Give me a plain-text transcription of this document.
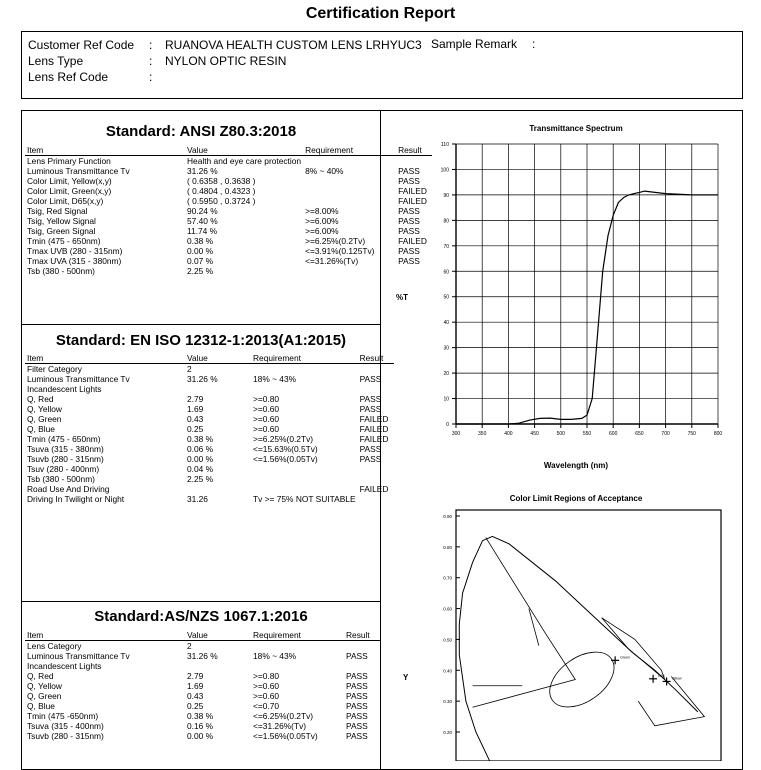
Certification Report
Customer Ref Code : RUANOVA HEALTH CUSTOM LENS LRHYUC3 Sample Remark :
Lens Type	: NYLON OPTIC RESIN
Lens Ref Code	:
Standard: ANSI Z80.3:2018
Item	Value	Requirement	Result
Lens Primary Function	Health and eye care protection		
Luminous Transmittance Tv	31.26 %	8% ~ 40%	PASS
Color Limit, Yellow(x,y)	( 0.6358 , 0.3638 )		PASS
Color Limit, Green(x,y)	( 0.4804 , 0.4323 )		FAILED
Color Limit, D65(x,y)	( 0.5950 , 0.3724 )		FAILED
Tsig, Red Signal	90.24 %	>=8.00%	PASS
Tsig, Yellow Signal	57.40 %	>=6.00%	PASS
Tsig, Green Signal	11.74 %	>=6.00%	PASS
Tmin (475 - 650nm)	0.38 %	>=6.25%(0.2Tv)	FAILED
Tmax UVB (280 - 315nm)	0.00 %	<=3.91%(0.125Tv)	PASS
Tmax UVA (315 - 380nm)	0.07 %	<=31.26%(Tv)	PASS
Tsb (380 - 500nm)	2.25 %		
Standard: EN ISO 12312-1:2013(A1:2015)
Item	Value	Requirement	Result
Filter Category	2		
Luminous Transmittance Tv	31.26 %	18% ~ 43%	PASS
Incandescent Lights			
Q, Red	2.79	>=0.80	PASS
Q, Yellow	1.69	>=0.60	PASS
Q, Green	0.43	>=0.60	FAILED
Q, Blue	0.25	>=0.60	FAILED
Tmin (475 - 650nm)	0.38 %	>=6.25%(0.2Tv)	FAILED
Tsuva (315 - 380nm)	0.06 %	<=15.63%(0.5Tv)	PASS
Tsuvb (280 - 315nm)	0.00 %	<=1.56%(0.05Tv)	PASS
Tsuv (280 - 400nm)	0.04 %		
Tsb (380 - 500nm)	2.25 %		
Road Use And Driving			FAILED
Driving In Twilight or Night	31.26	Tv >= 75% NOT SUITABLE	
Standard:AS/NZS 1067.1:2016
Item	Value	Requirement	Result
Lens Category	2		
Luminous Transmittance Tv	31.26 %	18% ~ 43%	PASS
Incandescent Lights			
Q, Red	2.79	>=0.80	PASS
Q, Yellow	1.69	>=0.60	PASS
Q, Green	0.43	>=0.60	PASS
Q, Blue	0.25	<=0.70	PASS
Tmin (475 -650nm)	0.38 %	<=6.25%(0.2Tv)	PASS
Tsuva (315 - 400nm)	0.16 %	<=31.26%(Tv)	PASS
Tsuvb (280 - 315nm)	0.00 %	<=1.56%(0.05Tv)	PASS
Transmittance Spectrum
%T
Wavelength (nm)
0
10
20
30
40
50
60
70
80
90
100
110
300	350	400	450	500	550	600	650	700	750	800
Color Limit Regions of Acceptance
Y
0.90
0.80
0.70
0.60
0.50
0.40
0.30
0.20
Green
D65
Yellow
